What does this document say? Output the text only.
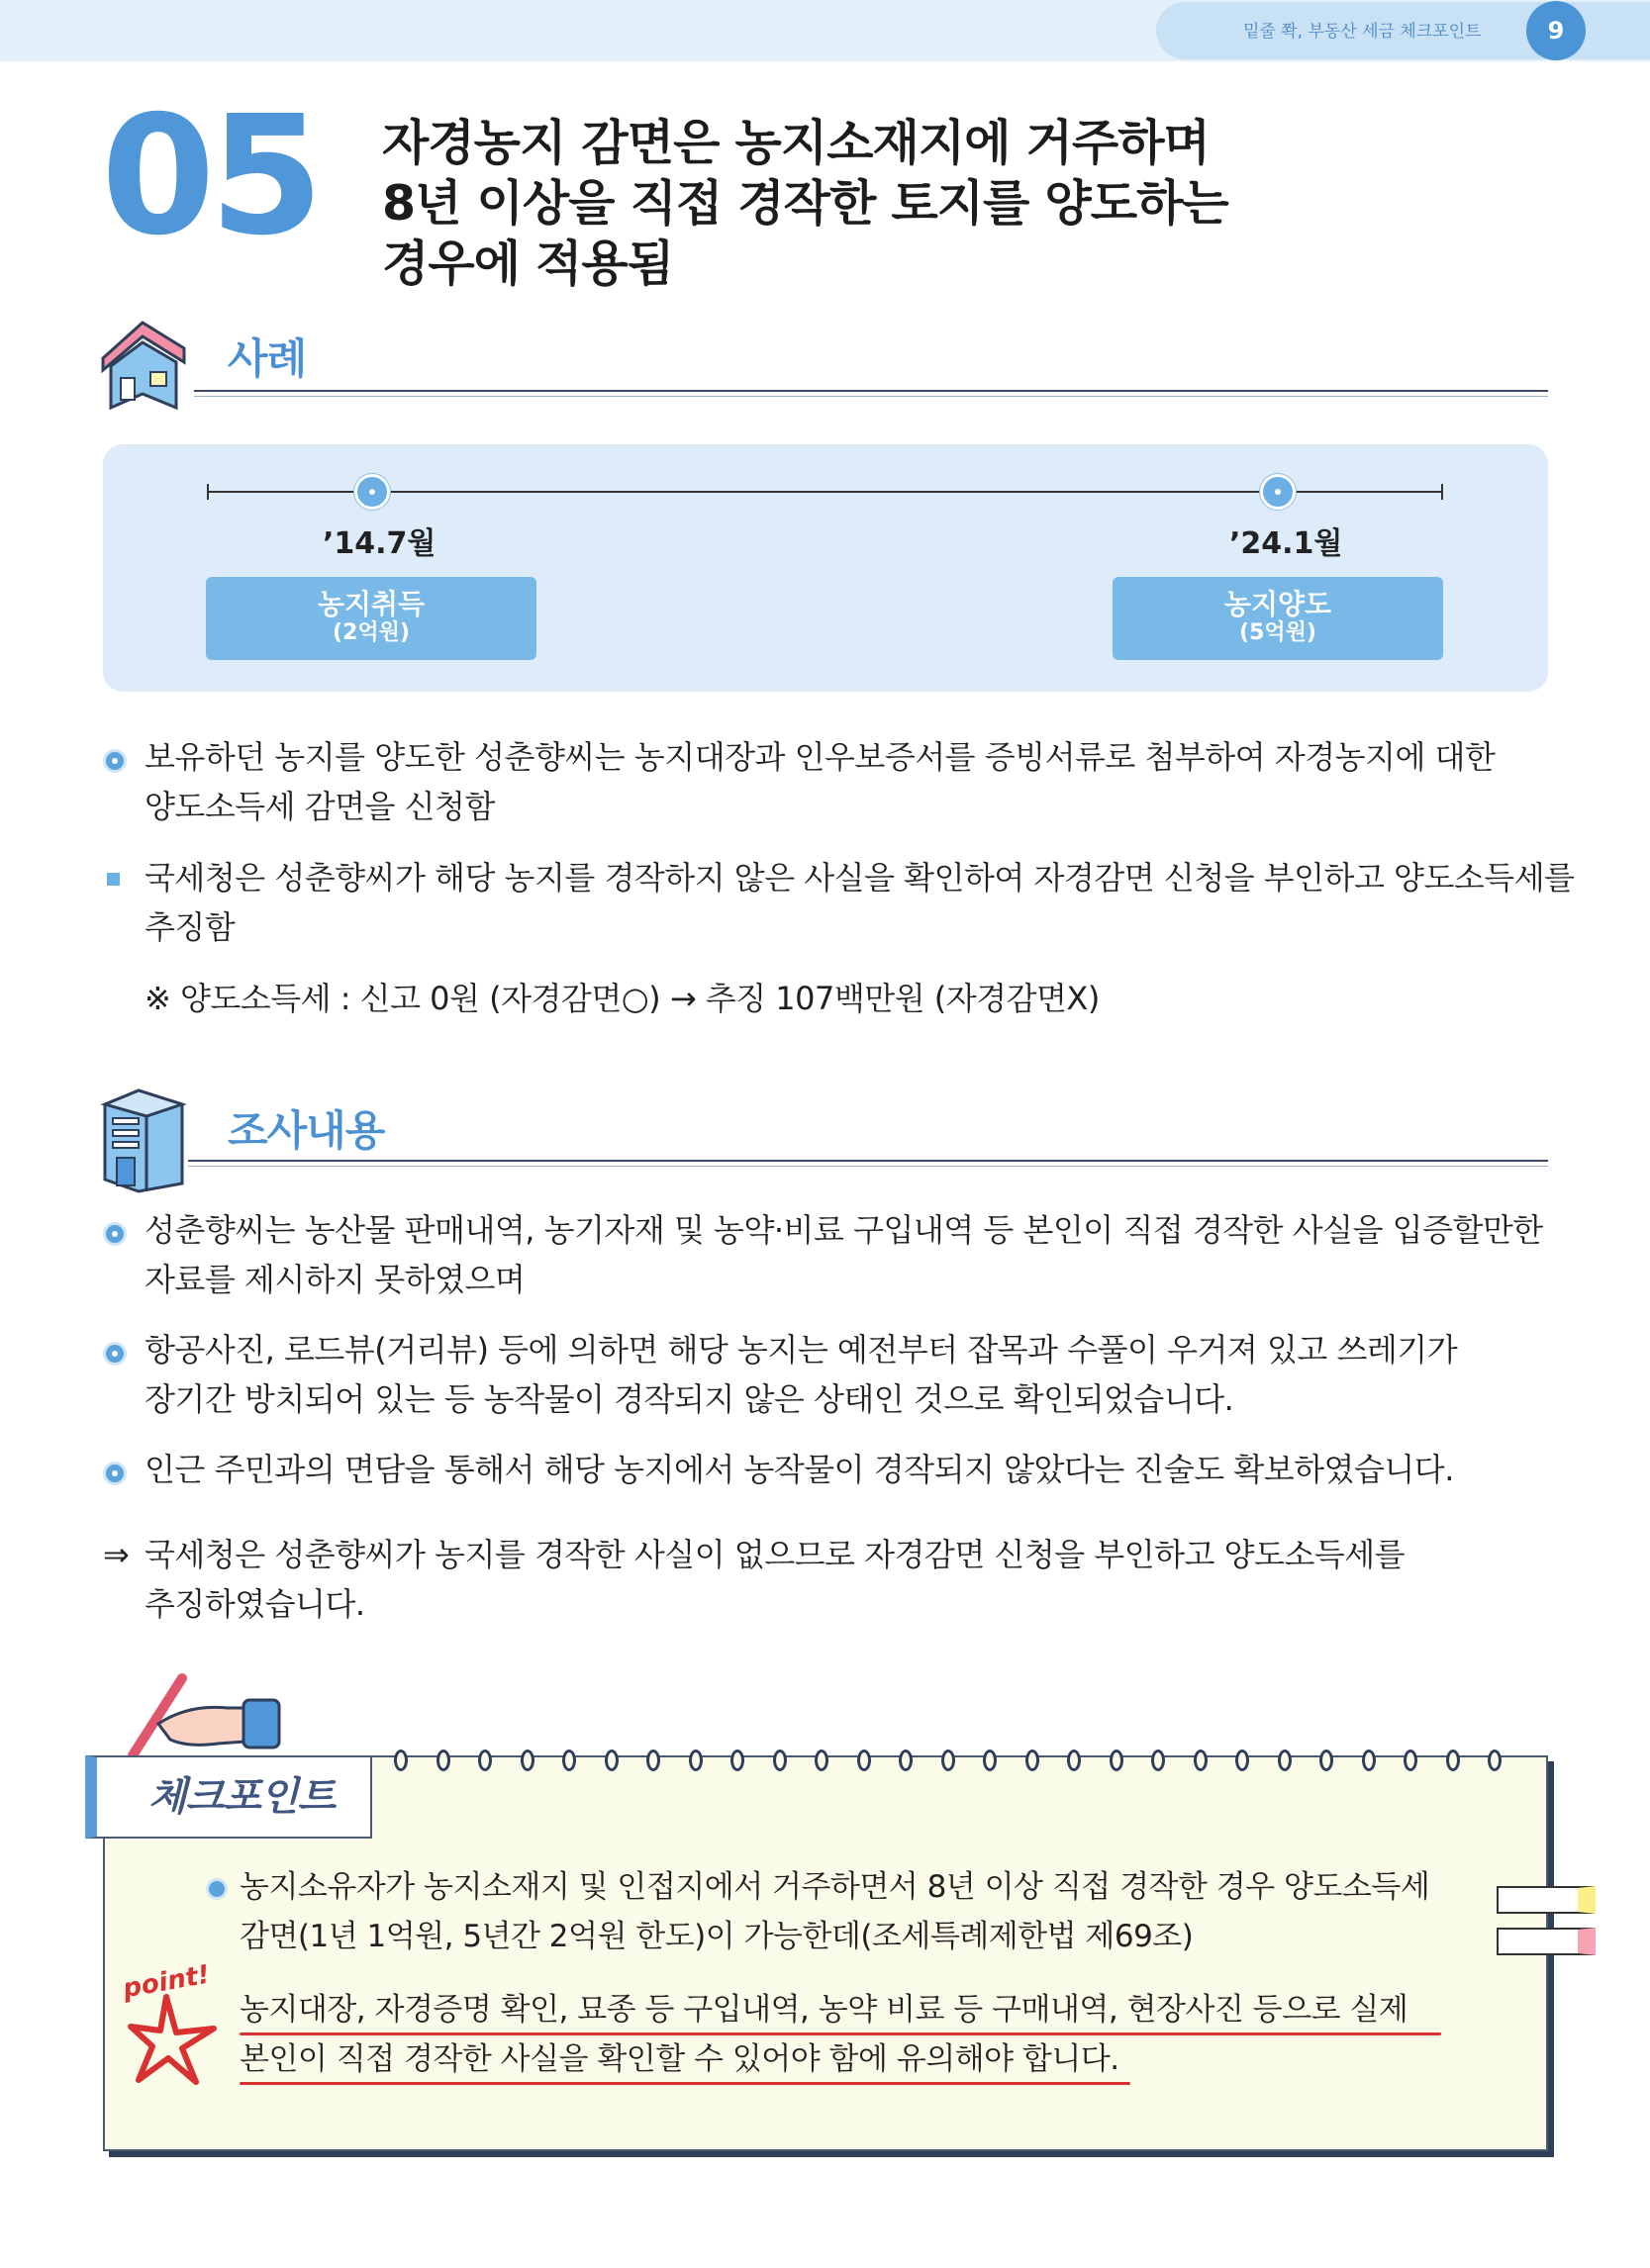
밑줄 쫙, 부동산 세금 체크포인트	9
05 자경농지 감면은 농지소재지에 거주하며
8년 이상을 직접 경작한 토지를 양도하는
경우에 적용됨
사례
’14.7월	’24.1월
농지취득
(2억원)
농지양도
(5억원)
보유하던 농지를 양도한 성춘향씨는 농지대장과 인우보증서를 증빙서류로 첨부하여 자경농지에 대한
양도소득세 감면을 신청함
국세청은 성춘향씨가 해당 농지를 경작하지 않은 사실을 확인하여 자경감면 신청을 부인하고 양도소득세를
추징함
※ 양도소득세 : 신고 0원 (자경감면○) → 추징 107백만원 (자경감면X)
조사내용
성춘향씨는 농산물 판매내역, 농기자재 및 농약·비료 구입내역 등 본인이 직접 경작한 사실을 입증할만한
자료를 제시하지 못하였으며
항공사진, 로드뷰(거리뷰) 등에 의하면 해당 농지는 예전부터 잡목과 수풀이 우거져 있고 쓰레기가
장기간 방치되어 있는 등 농작물이 경작되지 않은 상태인 것으로 확인되었습니다.
인근 주민과의 면담을 통해서 해당 농지에서 농작물이 경작되지 않았다는 진술도 확보하였습니다.
⇒ 국세청은 성춘향씨가 농지를 경작한 사실이 없으므로 자경감면 신청을 부인하고 양도소득세를
추징하였습니다.
체크포인트
농지소유자가 농지소재지 및 인접지에서 거주하면서 8년 이상 직접 경작한 경우 양도소득세
감면(1년 1억원, 5년간 2억원 한도)이 가능한데(조세특례제한법 제69조)
point!
농지대장, 자경증명 확인, 묘종 등 구입내역, 농약 비료 등 구매내역, 현장사진 등으로 실제
본인이 직접 경작한 사실을 확인할 수 있어야 함에 유의해야 합니다.
